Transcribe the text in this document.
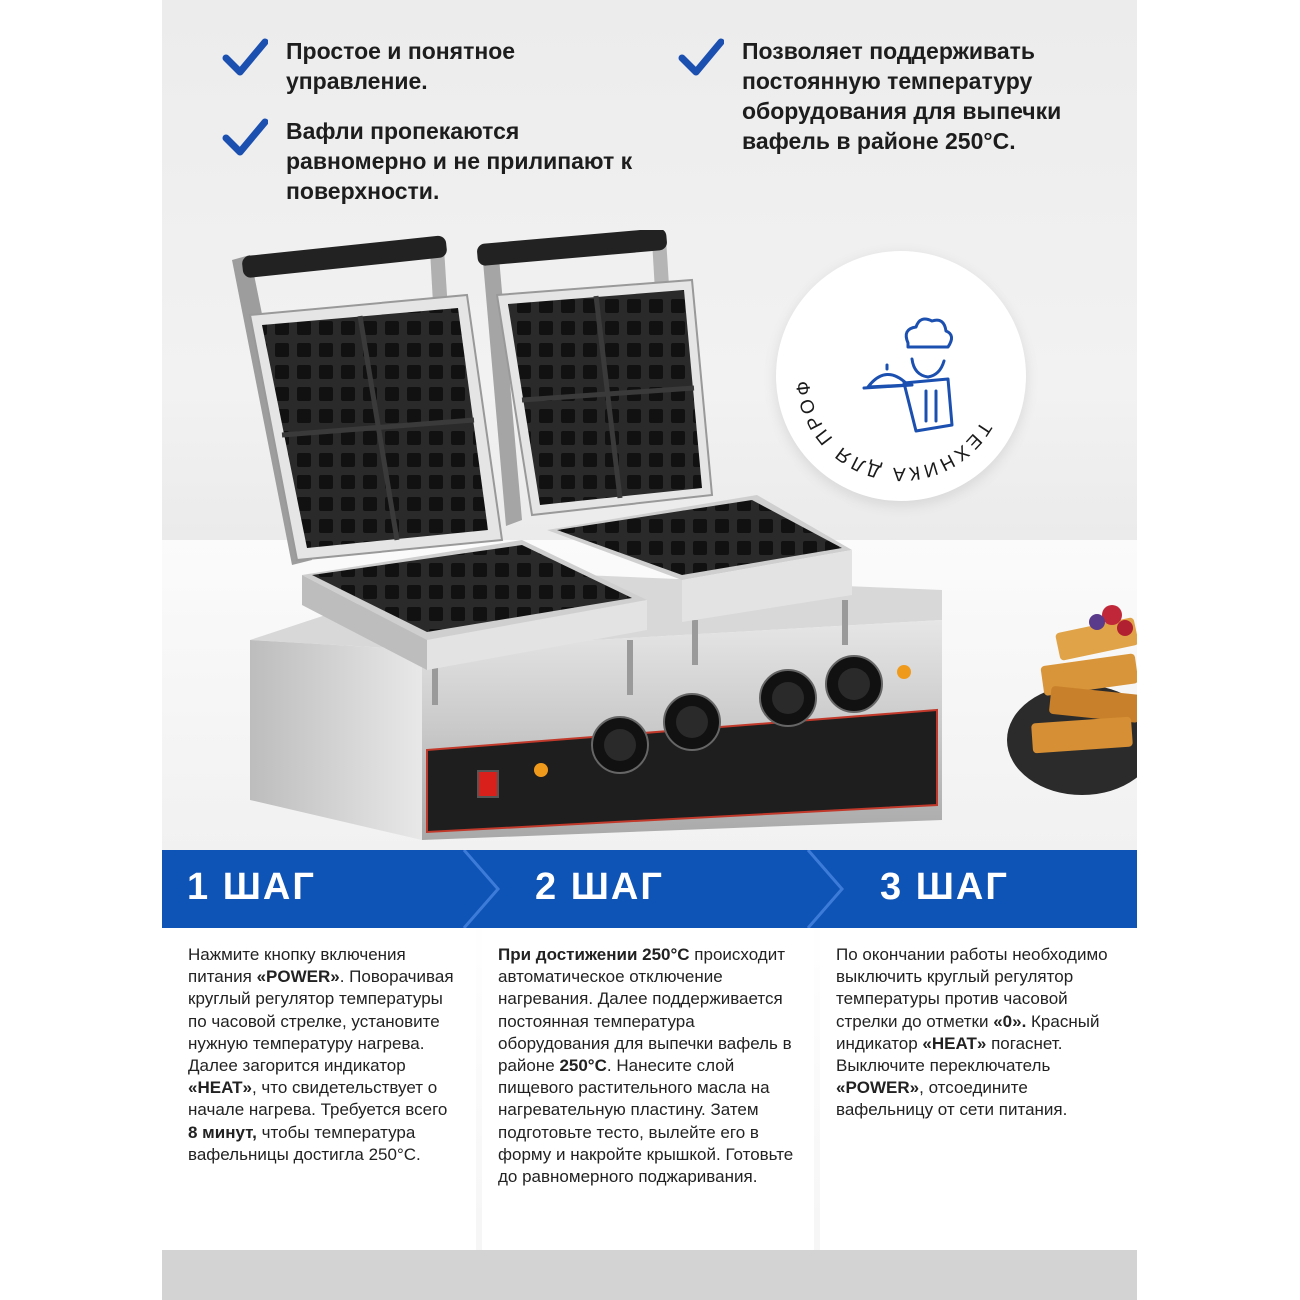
Простое и понятное управление.
Вафли пропекаются равномерно и не прилипают к поверхности.
Позволяет поддерживать постоянную температуру оборудования для выпечки вафель в районе 250°C.
ТЕХНИКА ДЛЯ ПРОФ
1 ШАГ	2 ШАГ	3 ШАГ
Нажмите кнопку включения питания «POWER». Поворачивая круглый регулятор температуры по часовой стрелке, установите нужную температуру нагрева. Далее загорится индикатор «HEAT», что свидетельствует о начале нагрева. Требуется всего 8 минут, чтобы температура вафельницы достигла 250°C.
При достижении 250°C происходит автоматическое отключение нагревания. Далее поддерживается постоянная температура оборудования для выпечки вафель в районе 250°C. Нанесите слой пищевого растительного масла на нагревательную пластину. Затем подготовьте тесто, вылейте его в форму и накройте крышкой. Готовьте до равномерного поджаривания.
По окончании работы необходимо выключить круглый регулятор температуры против часовой стрелки до отметки «0». Красный индикатор «HEAT» погаснет. Выключите переключатель «POWER», отсоедините вафельницу от сети питания.
